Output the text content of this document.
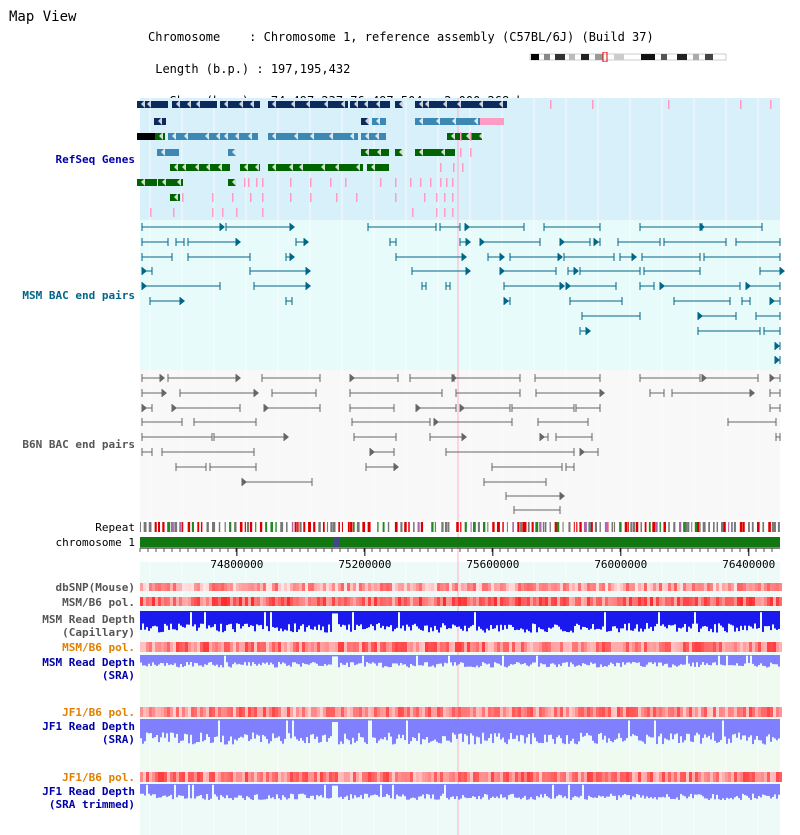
Map View

Chromosome    : Chromosome 1, reference assembly (C57BL/6J) (Build 37)

Length (b.p.) : 197,195,432

RefSeq Genes
MSM BAC end pairs
B6N BAC end pairs
Repeat
chromosome 1
dbSNP(Mouse)
MSM/B6 pol.
MSM Read Depth
(Capillary)
MSM/B6 pol.
MSM Read Depth
(SRA)
JF1/B6 pol.
JF1 Read Depth
(SRA)
JF1/B6 pol.
JF1 Read Depth
(SRA trimmed)
74800000	75200000	75600000	76000000	76400000
